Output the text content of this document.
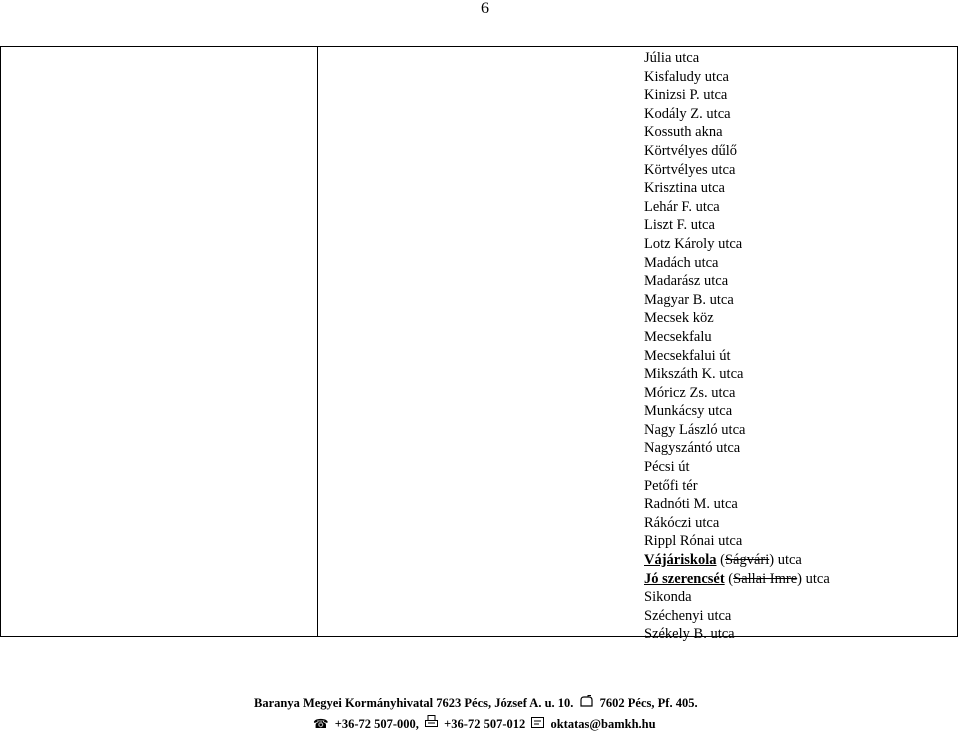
6
Júlia utca
Kisfaludy utca
Kinizsi P. utca
Kodály Z. utca
Kossuth akna
Körtvélyes dűlő
Körtvélyes utca
Krisztina utca
Lehár F. utca
Liszt F. utca
Lotz Károly utca
Madách utca
Madarász utca
Magyar B. utca
Mecsek köz
Mecsekfalu
Mecsekfalui út
Mikszáth K. utca
Móricz Zs. utca
Munkácsy utca
Nagy László utca
Nagyszántó utca
Pécsi út
Petőfi tér
Radnóti M. utca
Rákóczi utca
Rippl Rónai utca
Vájáriskola (Ságvári) utca
Jó szerencsét (Sallai Imre) utca
Sikonda
Széchenyi utca
Székely B. utca
Baranya Megyei Kormányhivatal 7623 Pécs, József A. u. 10. 7602 Pécs, Pf. 405.
☎ +36-72 507-000, +36-72 507-012 oktatas@bamkh.hu
